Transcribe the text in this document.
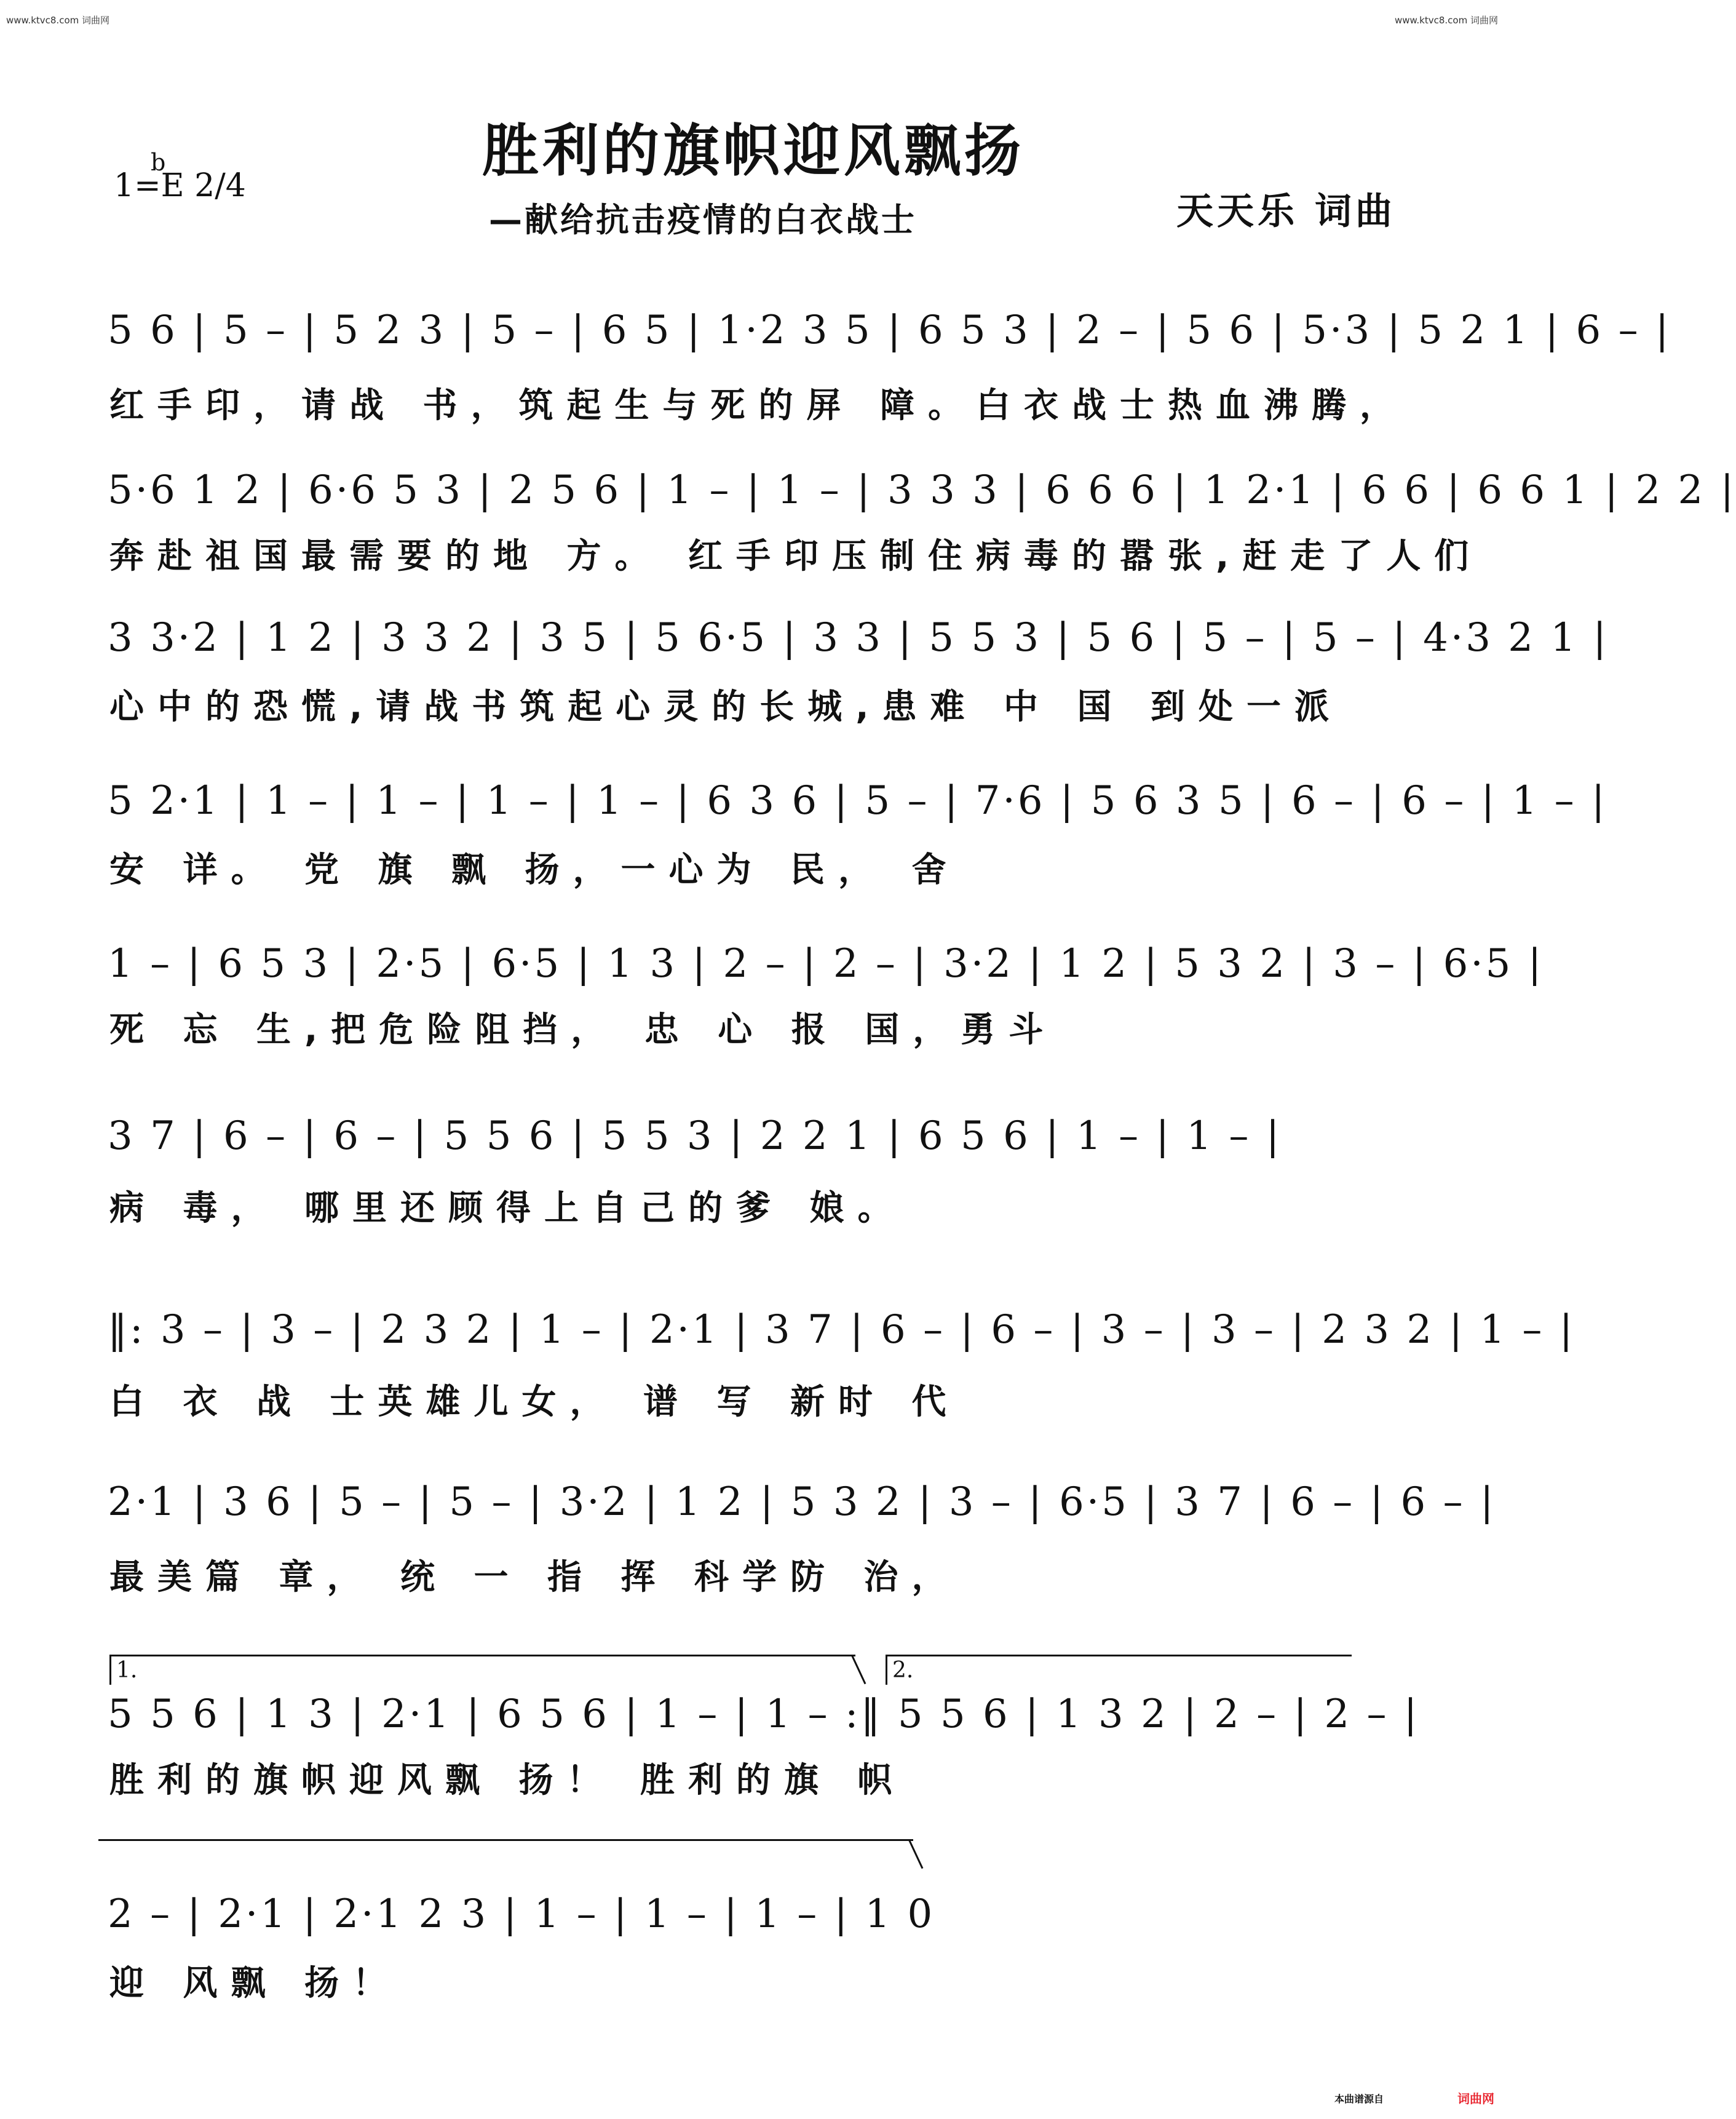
www.ktvc8.com 词曲网	www.ktvc8.com 词曲网
胜利的旗帜迎风飘扬
—献给抗击疫情的白衣战士
1=
b
E 2/4
天天乐 词曲
5 6 | 5 – | 5 2 3 | 5 – | 6 5 | 1·2 3 5 | 6 5 3 | 2 – | 5 6 | 5·3 | 5 2 1 | 6 – |
红手印，请战 书，筑起生与死的屏 障。白衣战士热血沸腾，
5·6 1 2 | 6·6 5 3 | 2 5 6 | 1 – | 1 – | 3 3 3 | 6 6 6 | 1 2·1 | 6 6 | 6 6 1 | 2 2 |
奔赴祖国最需要的地 方。 红手印压制住病毒的嚣张,赶走了人们
3 3·2 | 1 2 | 3 3 2 | 3 5 | 5 6·5 | 3 3 | 5 5 3 | 5 6 | 5 – | 5 – | 4·3 2 1 |
心中的恐慌,请战书筑起心灵的长城,患难 中 国 到处一派
5 2·1 | 1 – | 1 – | 1 – | 1 – | 6 3 6 | 5 – | 7·6 | 5 6 3 5 | 6 – | 6 – | 1 – |
安 详。 党 旗 飘 扬，一心为 民， 舍
1 – | 6 5 3 | 2·5 | 6·5 | 1 3 | 2 – | 2 – | 3·2 | 1 2 | 5 3 2 | 3 – | 6·5 |
死 忘 生,把危险阻挡， 忠 心 报 国，勇斗
3 7 | 6 – | 6 – | 5 5 6 | 5 5 3 | 2 2 1 | 6 5 6 | 1 – | 1 – |
病 毒， 哪里还顾得上自己的爹 娘。
‖: 3 – | 3 – | 2 3 2 | 1 – | 2·1 | 3 7 | 6 – | 6 – | 3 – | 3 – | 2 3 2 | 1 – |
白 衣 战 士英雄儿女， 谱 写 新时 代
2·1 | 3 6 | 5 – | 5 – | 3·2 | 1 2 | 5 3 2 | 3 – | 6·5 | 3 7 | 6 – | 6 – |
最美篇 章， 统 一 指 挥 科学防 治，
1.	2.
5 5 6 | 1 3 | 2·1 | 6 5 6 | 1 – | 1 – :‖ 5 5 6 | 1 3 2 | 2 – | 2 – |
胜利的旗帜迎风飘 扬！ 胜利的旗 帜
2 – | 2·1 | 2·1 2 3 | 1 – | 1 – | 1 – | 1 0
迎 风飘 扬！
本曲谱源自	词曲网
